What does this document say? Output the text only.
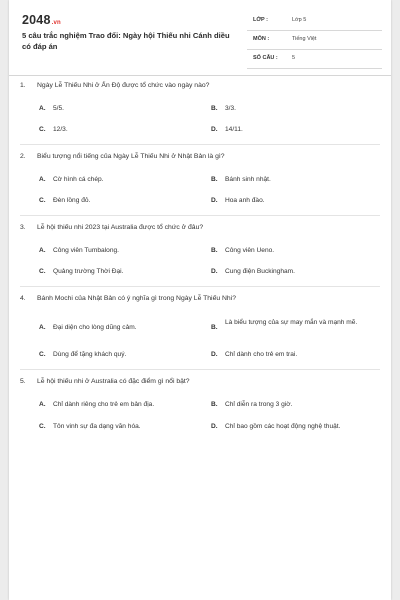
2048.vn
5 câu trắc nghiệm Trao đổi: Ngày hội Thiếu nhi Cánh diều có đáp án
LỚP :	Lớp 5
MÔN :	Tiếng Việt
SỐ CÂU :	5
1. Ngày Lễ Thiếu Nhi ở Ấn Độ được tổ chức vào ngày nào?
A. 5/5.	B. 3/3.
C. 12/3.	D. 14/11.
2. Biểu tượng nổi tiếng của Ngày Lễ Thiếu Nhi ở Nhật Bản là gì?
A. Cờ hình cá chép.	B. Bánh sinh nhật.
C. Đèn lồng đỏ.	D. Hoa anh đào.
3. Lễ hội thiếu nhi 2023 tại Australia được tổ chức ở đâu?
A. Công viên Tumbalong.	B. Công viên Ueno.
C. Quảng trường Thời Đại.	D. Cung điện Buckingham.
4. Bánh Mochi của Nhật Bản có ý nghĩa gì trong Ngày Lễ Thiếu Nhi?
A. Đại diện cho lòng dũng cảm.	B.
Là biểu tượng của sự may mắn và mạnh mẽ.
C. Dùng để tặng khách quý.	D. Chỉ dành cho trẻ em trai.
5. Lễ hội thiếu nhi ở Australia có đặc điểm gì nổi bật?
A. Chỉ dành riêng cho trẻ em bản địa.	B. Chỉ diễn ra trong 3 giờ.
C. Tôn vinh sự đa dạng văn hóa.	D. Chỉ bao gồm các hoạt động nghệ thuật.
